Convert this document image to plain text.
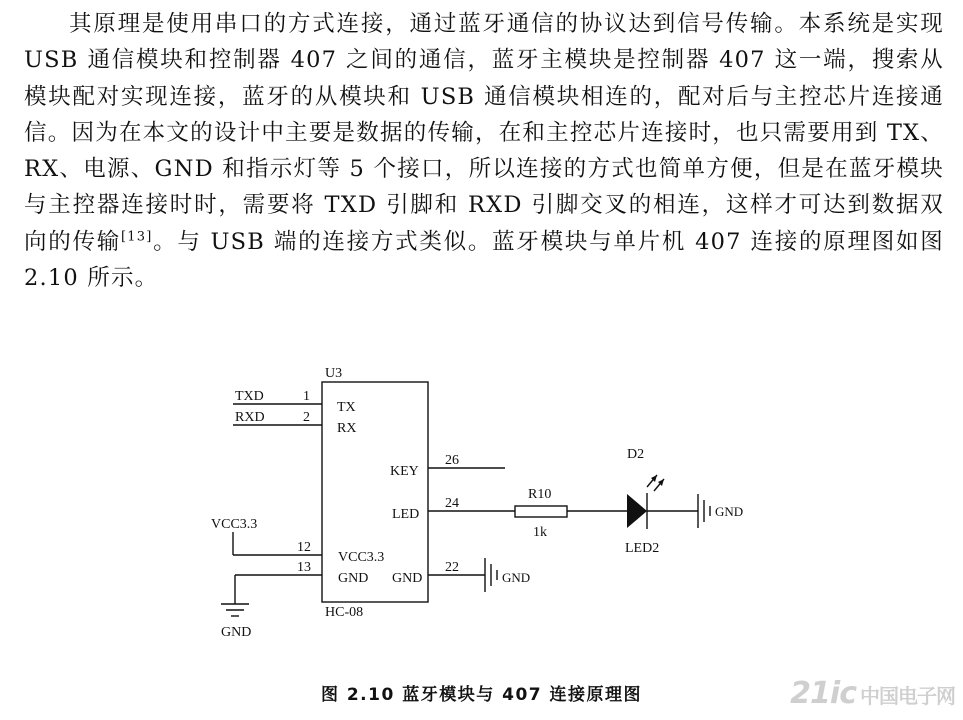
其原理是使用串口的方式连接，通过蓝牙通信的协议达到信号传输。本系统是实现 USB 通信模块和控制器 407 之间的通信，蓝牙主模块是控制器 407 这一端，搜索从模块配对实现连接，蓝牙的从模块和 USB 通信模块相连的，配对后与主控芯片连接通信。因为在本文的设计中主要是数据的传输，在和主控芯片连接时，也只需要用到 TX、RX、电源、GND 和指示灯等 5 个接口，所以连接的方式也简单方便，但是在蓝牙模块与主控器连接时时，需要将 TXD 引脚和 RXD 引脚交叉的相连，这样才可达到数据双向的传输[13]。与 USB 端的连接方式类似。蓝牙模块与单片机 407 连接的原理图如图 2.10 所示。

U3
HC-08
TXD	1
TX
RXD	2
RX
KEY
26
LED
24
R10
1k
D2
LED2
GND
VCC3.3
12
VCC3.3
13
GND
GND
GND
22
GND
图 2.10 蓝牙模块与 407 连接原理图	21ic 中国电子网
